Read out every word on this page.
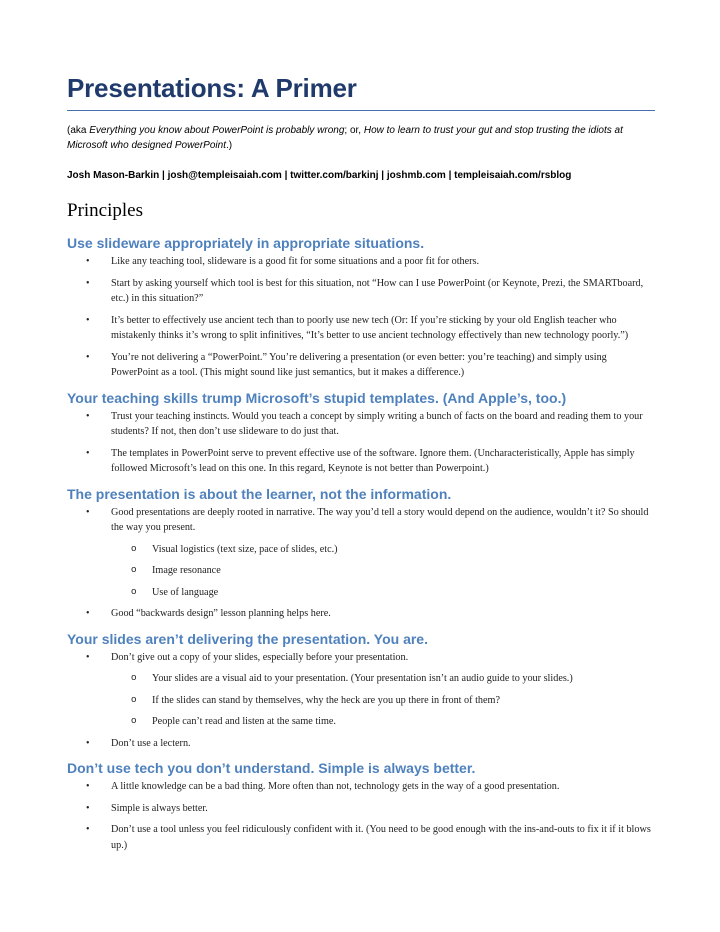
Presentations: A Primer
(aka Everything you know about PowerPoint is probably wrong; or, How to learn to trust your gut and stop trusting the idiots at Microsoft who designed PowerPoint.)
Josh Mason-Barkin | josh@templeisaiah.com | twitter.com/barkinj | joshmb.com | templeisaiah.com/rsblog
Principles
Use slideware appropriately in appropriate situations.
• Like any teaching tool, slideware is a good fit for some situations and a poor fit for others.
• Start by asking yourself which tool is best for this situation, not “How can I use PowerPoint (or Keynote, Prezi, the SMARTboard, etc.) in this situation?”
• It’s better to effectively use ancient tech than to poorly use new tech (Or: If you’re sticking by your old English teacher who mistakenly thinks it’s wrong to split infinitives, “It’s better to use ancient technology effectively than new technology poorly.”)
• You’re not delivering a “PowerPoint.” You’re delivering a presentation (or even better: you’re teaching) and simply using PowerPoint as a tool. (This might sound like just semantics, but it makes a difference.)
Your teaching skills trump Microsoft’s stupid templates. (And Apple’s, too.)
• Trust your teaching instincts. Would you teach a concept by simply writing a bunch of facts on the board and reading them to your students? If not, then don’t use slideware to do just that.
• The templates in PowerPoint serve to prevent effective use of the software. Ignore them. (Uncharacteristically, Apple has simply followed Microsoft’s lead on this one. In this regard, Keynote is not better than Powerpoint.)
The presentation is about the learner, not the information.
• Good presentations are deeply rooted in narrative. The way you’d tell a story would depend on the audience, wouldn’t it? So should the way you present.
o Visual logistics (text size, pace of slides, etc.)
o Image resonance
o Use of language
• Good “backwards design” lesson planning helps here.
Your slides aren’t delivering the presentation. You are.
• Don’t give out a copy of your slides, especially before your presentation.
o Your slides are a visual aid to your presentation. (Your presentation isn’t an audio guide to your slides.)
o If the slides can stand by themselves, why the heck are you up there in front of them?
o People can’t read and listen at the same time.
• Don’t use a lectern.
Don’t use tech you don’t understand. Simple is always better.
• A little knowledge can be a bad thing. More often than not, technology gets in the way of a good presentation.
• Simple is always better.
• Don’t use a tool unless you feel ridiculously confident with it. (You need to be good enough with the ins-and-outs to fix it if it blows up.)
